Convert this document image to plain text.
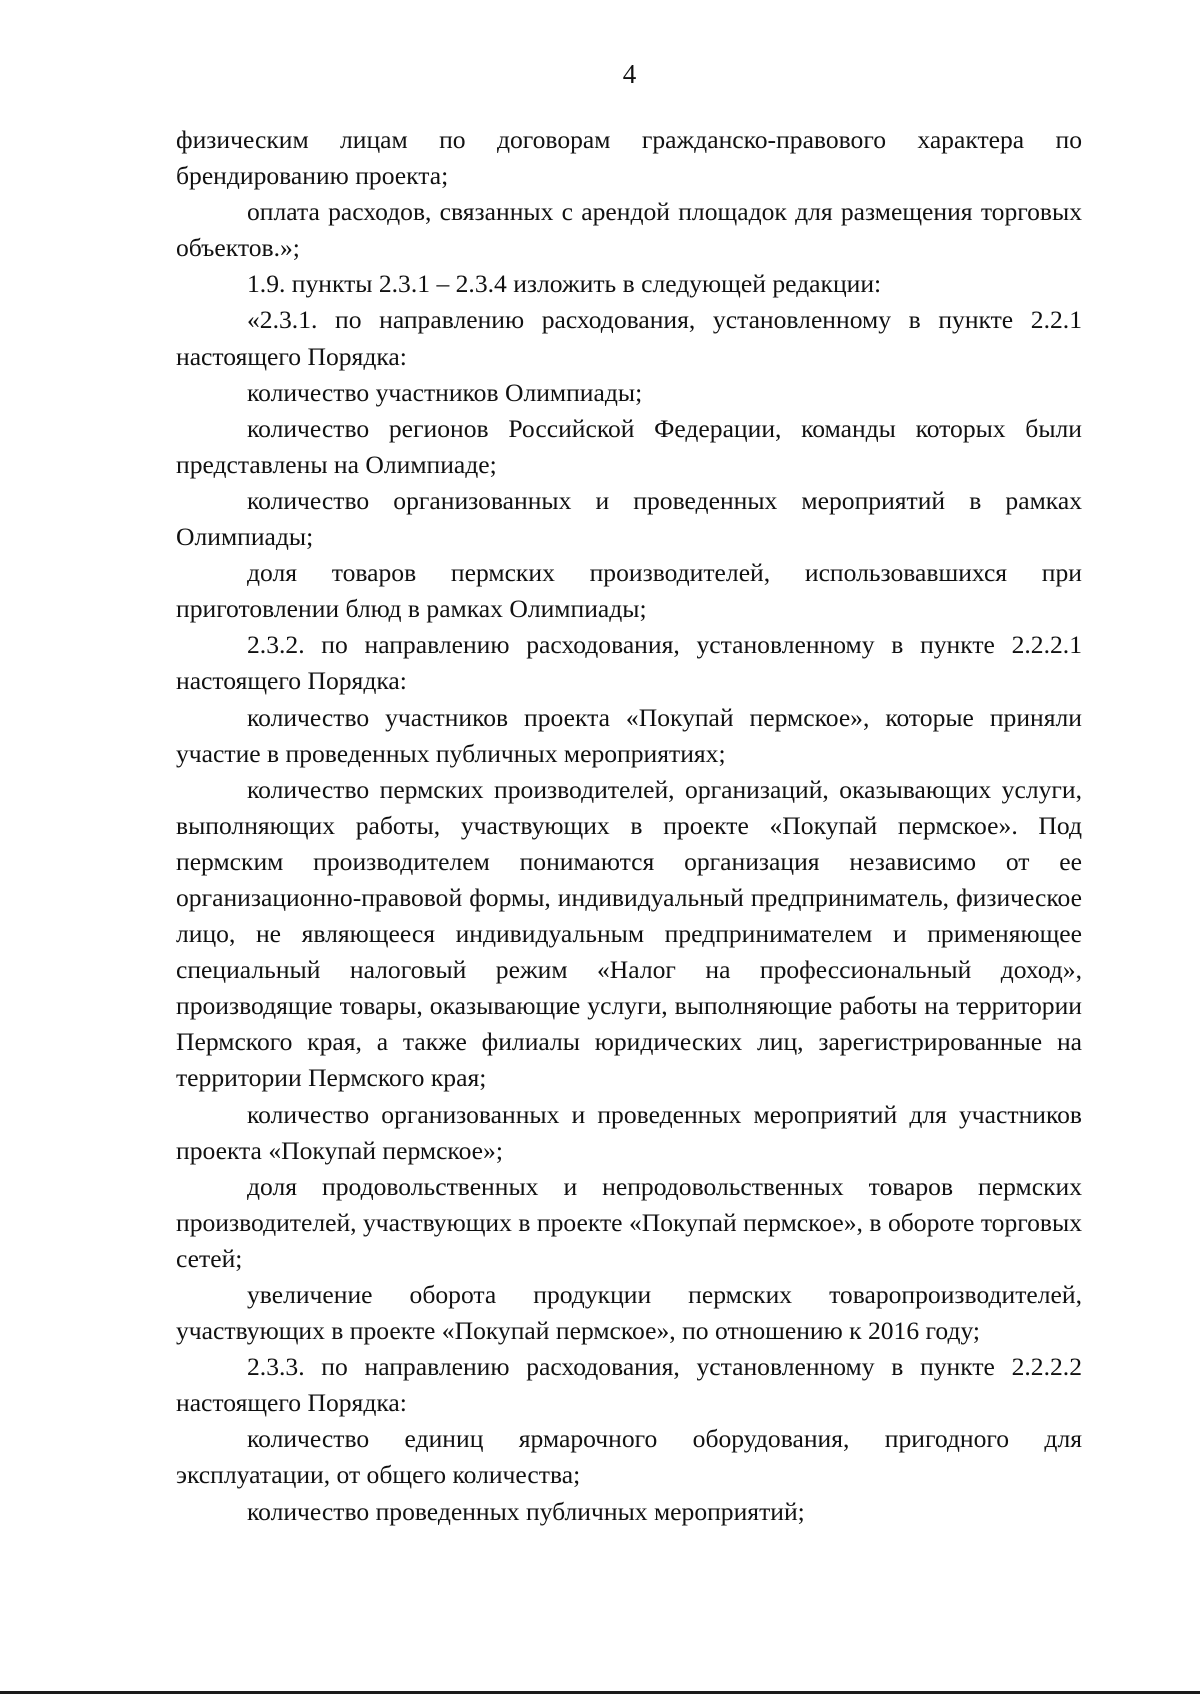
4

физическим лицам по договорам гражданско-правового характера по брендированию проекта;

оплата расходов, связанных с арендой площадок для размещения торговых объектов.»;

1.9. пункты 2.3.1 – 2.3.4 изложить в следующей редакции:

«2.3.1. по направлению расходования, установленному в пункте 2.2.1 настоящего Порядка:

количество участников Олимпиады;

количество регионов Российской Федерации, команды которых были представлены на Олимпиаде;

количество организованных и проведенных мероприятий в рамках Олимпиады;

доля товаров пермских производителей, использовавшихся при приготовлении блюд в рамках Олимпиады;

2.3.2. по направлению расходования, установленному в пункте 2.2.2.1 настоящего Порядка:

количество участников проекта «Покупай пермское», которые приняли участие в проведенных публичных мероприятиях;

количество пермских производителей, организаций, оказывающих услуги, выполняющих работы, участвующих в проекте «Покупай пермское». Под пермским производителем понимаются организация независимо от ее организационно-правовой формы, индивидуальный предприниматель, физическое лицо, не являющееся индивидуальным предпринимателем и применяющее специальный налоговый режим «Налог на профессиональный доход», производящие товары, оказывающие услуги, выполняющие работы на территории Пермского края, а также филиалы юридических лиц, зарегистрированные на территории Пермского края;

количество организованных и проведенных мероприятий для участников проекта «Покупай пермское»;

доля продовольственных и непродовольственных товаров пермских производителей, участвующих в проекте «Покупай пермское», в обороте торговых сетей;

увеличение оборота продукции пермских товаропроизводителей, участвующих в проекте «Покупай пермское», по отношению к 2016 году;

2.3.3. по направлению расходования, установленному в пункте 2.2.2.2 настоящего Порядка:

количество единиц ярмарочного оборудования, пригодного для эксплуатации, от общего количества;

количество проведенных публичных мероприятий;
